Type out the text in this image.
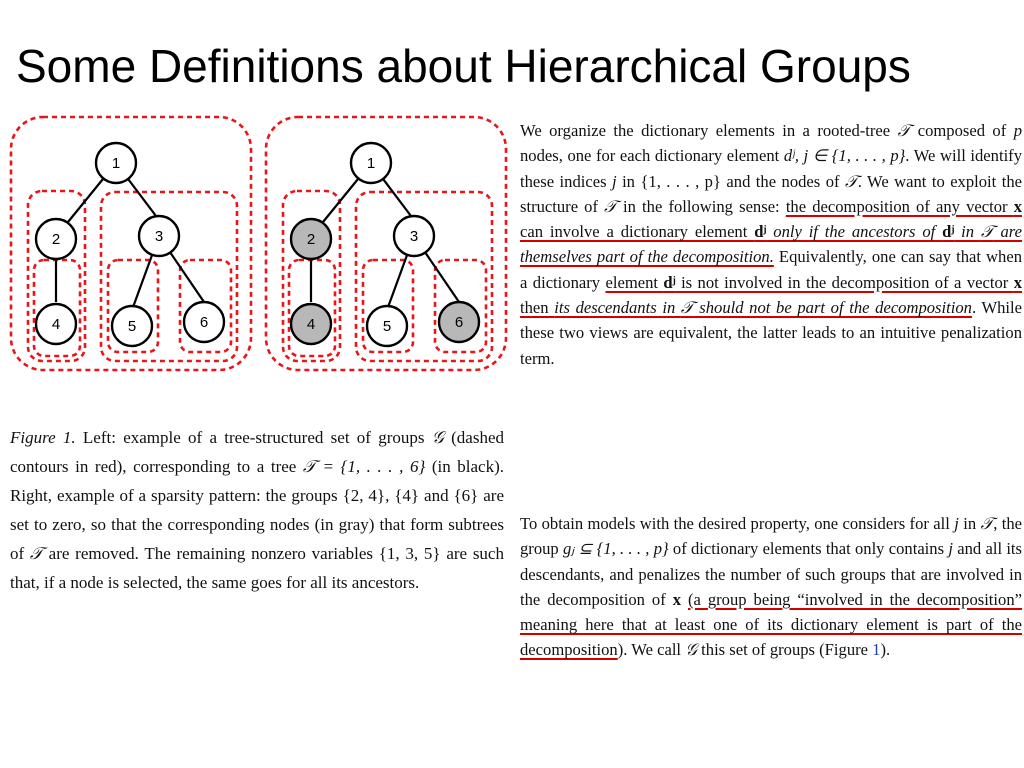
Some Definitions about Hierarchical Groups
1
2	3
4	5	6
1
2	3
4	5	6
Figure 1. Left: example of a tree-structured set of groups 𝒢 (dashed contours in red), corresponding to a tree 𝒯 = {1, . . . , 6} (in black). Right, example of a sparsity pattern: the groups {2, 4}, {4} and {6} are set to zero, so that the corresponding nodes (in gray) that form subtrees of 𝒯 are removed. The remaining nonzero variables {1, 3, 5} are such that, if a node is selected, the same goes for all its ancestors.
We organize the dictionary elements in a rooted-tree 𝒯 composed of p nodes, one for each dictionary element dʲ, j ∈ {1, . . . , p}. We will identify these indices j in {1, . . . , p} and the nodes of 𝒯. We want to exploit the structure of 𝒯 in the following sense: the decomposition of any vector x can involve a dictionary element dʲ only if the ancestors of dʲ in 𝒯 are themselves part of the decomposition. Equivalently, one can say that when a dictionary element dʲ is not involved in the decomposition of a vector x then its descendants in 𝒯 should not be part of the decomposition. While these two views are equivalent, the latter leads to an intuitive penalization term.
To obtain models with the desired property, one considers for all j in 𝒯, the group gⱼ ⊆ {1, . . . , p} of dictionary elements that only contains j and all its descendants, and penalizes the number of such groups that are involved in the decomposition of x (a group being “involved in the decomposition” meaning here that at least one of its dictionary element is part of the decomposition). We call 𝒢 this set of groups (Figure 1).
